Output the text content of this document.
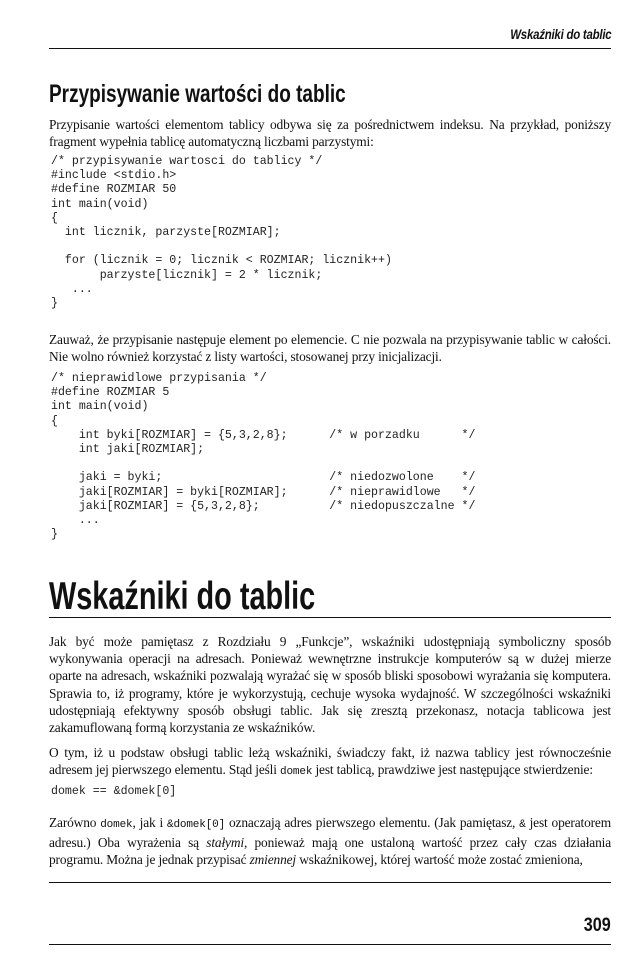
Wskaźniki do tablic
Przypisywanie wartości do tablic
Przypisanie wartości elementom tablicy odbywa się za pośrednictwem indeksu. Na przykład, poniższy fragment wypełnia tablicę automatyczną liczbami parzystymi:
/* przypisywanie wartosci do tablicy */
#include <stdio.h>
#define ROZMIAR 50
int main(void)
{
int licznik, parzyste[ROZMIAR];

for (licznik = 0; licznik < ROZMIAR; licznik++)
parzyste[licznik] = 2 * licznik;
...
}
Zauważ, że przypisanie następuje element po elemencie. C nie pozwala na przypisywanie tablic w całości. Nie wolno również korzystać z listy wartości, stosowanej przy inicjalizacji.
/* nieprawidlowe przypisania */
#define ROZMIAR 5
int main(void)
{
int byki[ROZMIAR] = {5,3,2,8};      /* w porzadku      */
int jaki[ROZMIAR];

jaki = byki;                        /* niedozwolone    */
jaki[ROZMIAR] = byki[ROZMIAR];      /* nieprawidlowe   */
jaki[ROZMIAR] = {5,3,2,8};          /* niedopuszczalne */
...
}
Wskaźniki do tablic
Jak być może pamiętasz z Rozdziału 9 „Funkcje”, wskaźniki udostępniają symboliczny sposób wykonywania operacji na adresach. Ponieważ wewnętrzne instrukcje komputerów są w dużej mierze oparte na adresach, wskaźniki pozwalają wyrażać się w sposób bliski sposobowi wyrażania się komputera. Sprawia to, iż programy, które je wykorzystują, cechuje wysoka wydajność. W szczególności wskaźniki udostępniają efektywny sposób obsługi tablic. Jak się zresztą przekonasz, notacja tablicowa jest zakamuflowaną formą korzystania ze wskaźników.
O tym, iż u podstaw obsługi tablic leżą wskaźniki, świadczy fakt, iż nazwa tablicy jest równocześnie adresem jej pierwszego elementu. Stąd jeśli domek jest tablicą, prawdziwe jest następujące stwierdzenie:
domek == &domek[0]
Zarówno domek, jak i &domek[0] oznaczają adres pierwszego elementu. (Jak pamiętasz, & jest operatorem adresu.) Oba wyrażenia są stałymi, ponieważ mają one ustaloną wartość przez cały czas działania programu. Można je jednak przypisać zmiennej wskaźnikowej, której wartość może zostać zmieniona,
309
